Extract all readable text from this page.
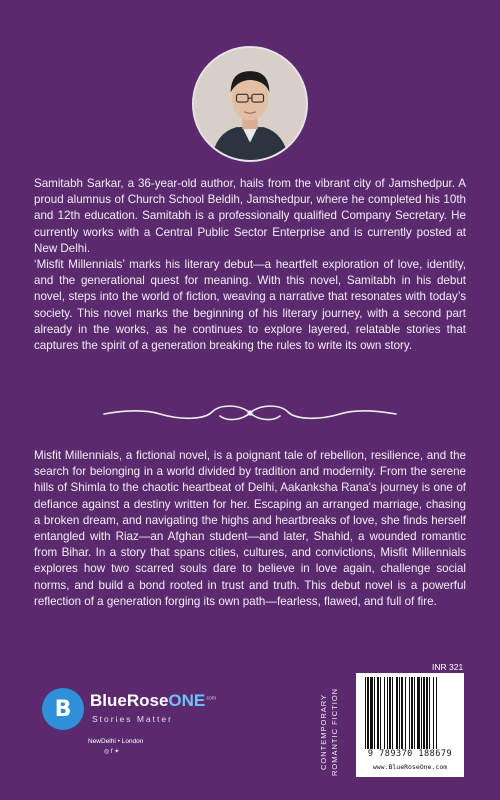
Samitabh Sarkar, a 36-year-old author, hails from the vibrant city of Jamshedpur. A proud alumnus of Church School Beldih, Jamshedpur, where he completed his 10th and 12th education. Samitabh is a professionally qualified Company Secretary. He currently works with a Central Public Sector Enterprise and is currently posted at New Delhi.

‘Misfit Millennials’ marks his literary debut—a heartfelt exploration of love, identity, and the generational quest for meaning. With this novel, Samitabh in his debut novel, steps into the world of fiction, weaving a narrative that resonates with today’s society. This novel marks the beginning of his literary journey, with a second part already in the works, as he continues to explore layered, relatable stories that captures the spirit of a generation breaking the rules to write its own story.

Misfit Millennials, a fictional novel, is a poignant tale of rebellion, resilience, and the search for belonging in a world divided by tradition and modernity. From the serene hills of Shimla to the chaotic heartbeat of Delhi, Aakanksha Rana's journey is one of defiance against a destiny written for her. Escaping an arranged marriage, chasing a broken dream, and navigating the highs and heartbreaks of love, she finds herself entangled with Riaz—an Afghan student—and later, Shahid, a wounded romantic from Bihar. In a story that spans cities, cultures, and convictions, Misfit Millennials explores how two scarred souls dare to believe in love again, challenge social norms, and build a bond rooted in trust and truth. This debut novel is a powerful reflection of a generation forging its own path—fearless, flawed, and full of fire.

B	BlueRoseONE$^{.com}$
Stories Matter
NewDelhi • London
◎ f ✦	CONTEMPORARY ROMANTIC FICTION
INR 321
9 789370 188679
www.BlueRoseOne.com
